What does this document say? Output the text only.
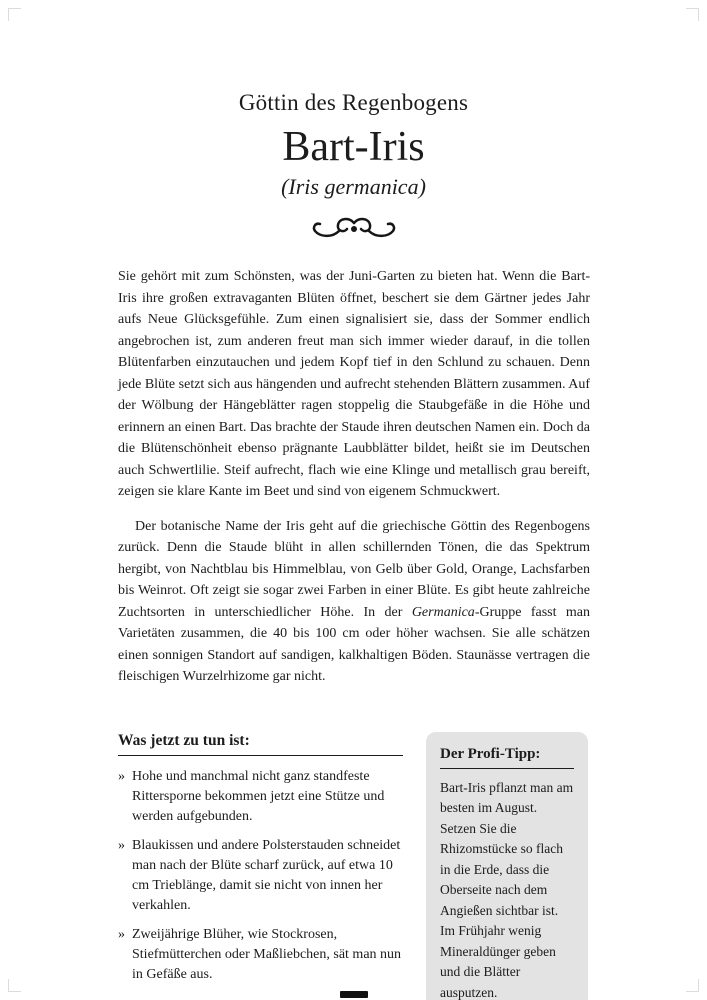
Göttin des Regenbogens
Bart-Iris
(Iris germanica)

Sie gehört mit zum Schönsten, was der Juni-Garten zu bieten hat. Wenn die Bart-Iris ihre großen extravaganten Blüten öffnet, beschert sie dem Gärtner jedes Jahr aufs Neue Glücksgefühle. Zum einen signalisiert sie, dass der Sommer endlich angebrochen ist, zum anderen freut man sich immer wieder darauf, in die tollen Blütenfarben einzutauchen und jedem Kopf tief in den Schlund zu schauen. Denn jede Blüte setzt sich aus hängenden und aufrecht stehenden Blättern zusammen. Auf der Wölbung der Hängeblätter ragen stoppelig die Staubgefäße in die Höhe und erinnern an einen Bart. Das brachte der Staude ihren deutschen Namen ein. Doch da die Blütenschönheit ebenso prägnante Laubblätter bildet, heißt sie im Deutschen auch Schwertlilie. Steif aufrecht, flach wie eine Klinge und metallisch grau bereift, zeigen sie klare Kante im Beet und sind von eigenem Schmuckwert.

Der botanische Name der Iris geht auf die griechische Göttin des Regenbogens zurück. Denn die Staude blüht in allen schillernden Tönen, die das Spektrum hergibt, von Nachtblau bis Himmelblau, von Gelb über Gold, Orange, Lachsfarben bis Weinrot. Oft zeigt sie sogar zwei Farben in einer Blüte. Es gibt heute zahlreiche Zuchtsorten in unterschiedlicher Höhe. In der Germanica-Gruppe fasst man Varietäten zusammen, die 40 bis 100 cm oder höher wachsen. Sie alle schätzen einen sonnigen Standort auf sandigen, kalkhaltigen Böden. Staunässe vertragen die fleischigen Wurzelrhizome gar nicht.

Was jetzt zu tun ist:
» Hohe und manchmal nicht ganz standfeste Rittersporne bekommen jetzt eine Stütze und werden aufgebunden.
» Blaukissen und andere Polsterstauden schneidet man nach der Blüte scharf zurück, auf etwa 10 cm Trieblänge, damit sie nicht von innen her verkahlen.
» Zweijährige Blüher, wie Stockrosen, Stiefmütterchen oder Maßliebchen, sät man nun in Gefäße aus.
Der Profi-Tipp:

Bart-Iris pflanzt man am besten im August. Setzen Sie die Rhizomstücke so flach in die Erde, dass die Oberseite nach dem Angießen sichtbar ist. Im Frühjahr wenig Mineraldünger geben und die Blätter ausputzen.
